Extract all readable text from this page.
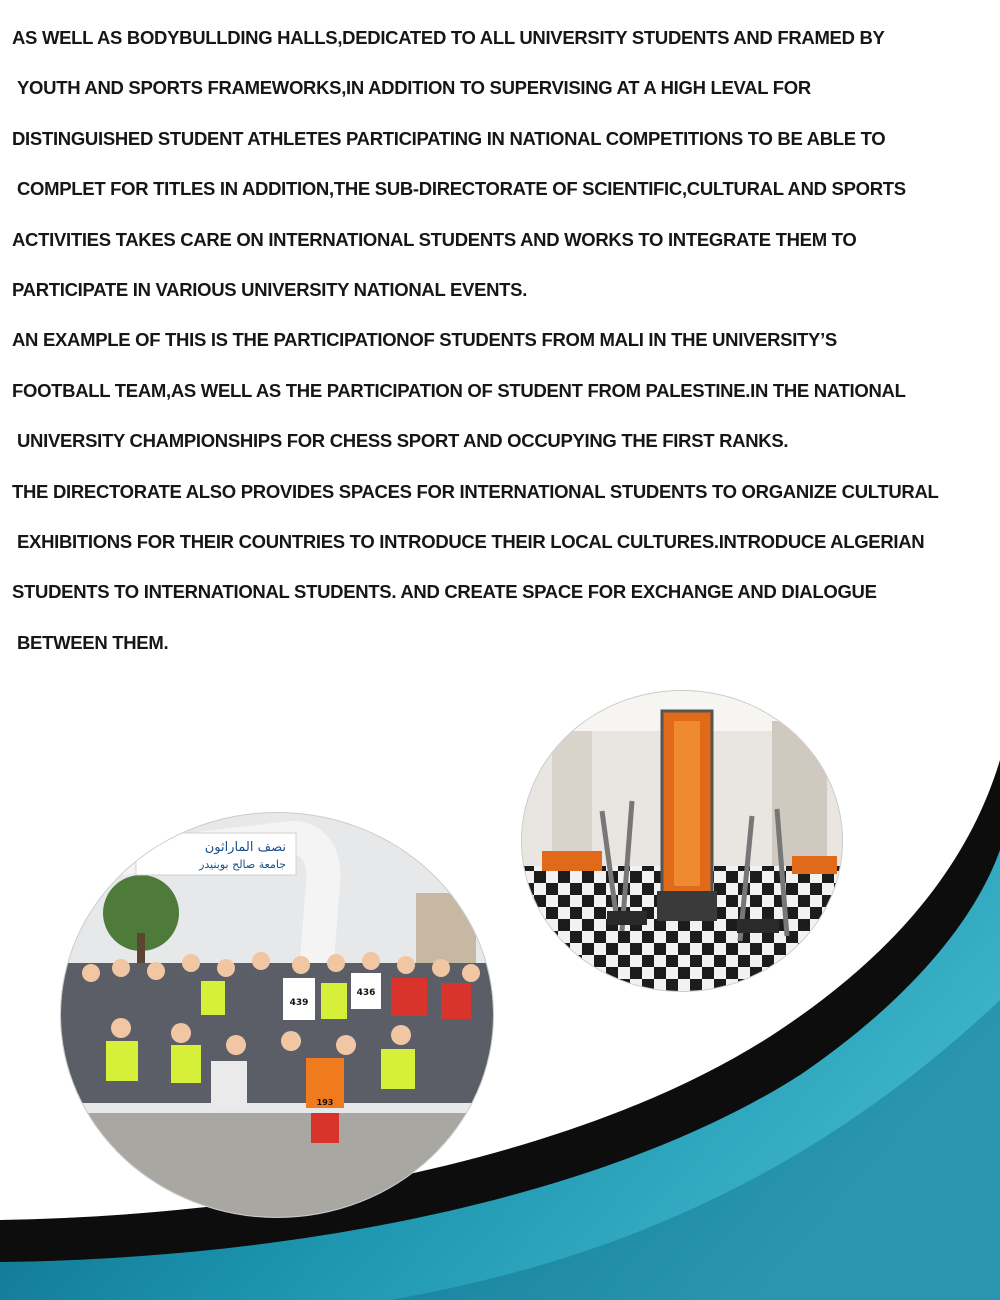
AS WELL AS BODYBULLDING HALLS,DEDICATED TO ALL UNIVERSITY STUDENTS AND FRAMED BY
YOUTH AND SPORTS FRAMEWORKS,IN ADDITION TO SUPERVISING AT A HIGH LEVAL FOR
DISTINGUISHED STUDENT ATHLETES PARTICIPATING IN NATIONAL COMPETITIONS TO BE ABLE TO
COMPLET FOR TITLES IN ADDITION,THE SUB-DIRECTORATE OF SCIENTIFIC,CULTURAL AND SPORTS
ACTIVITIES TAKES CARE ON INTERNATIONAL STUDENTS AND WORKS TO INTEGRATE THEM TO
PARTICIPATE IN VARIOUS UNIVERSITY NATIONAL EVENTS.
AN EXAMPLE OF THIS IS THE PARTICIPATIONOF STUDENTS FROM MALI IN THE UNIVERSITY’S
FOOTBALL TEAM,AS WELL AS THE PARTICIPATION OF STUDENT FROM PALESTINE.IN THE NATIONAL
UNIVERSITY CHAMPIONSHIPS FOR CHESS SPORT AND OCCUPYING THE FIRST RANKS.
THE DIRECTORATE ALSO PROVIDES SPACES FOR INTERNATIONAL STUDENTS TO ORGANIZE CULTURAL
EXHIBITIONS FOR THEIR COUNTRIES TO INTRODUCE THEIR LOCAL CULTURES.INTRODUCE ALGERIAN
STUDENTS TO INTERNATIONAL STUDENTS. AND CREATE SPACE FOR EXCHANGE AND DIALOGUE
BETWEEN THEM.
نصف الماراثون
جامعة صالح بوبنيدر
439
436
193
